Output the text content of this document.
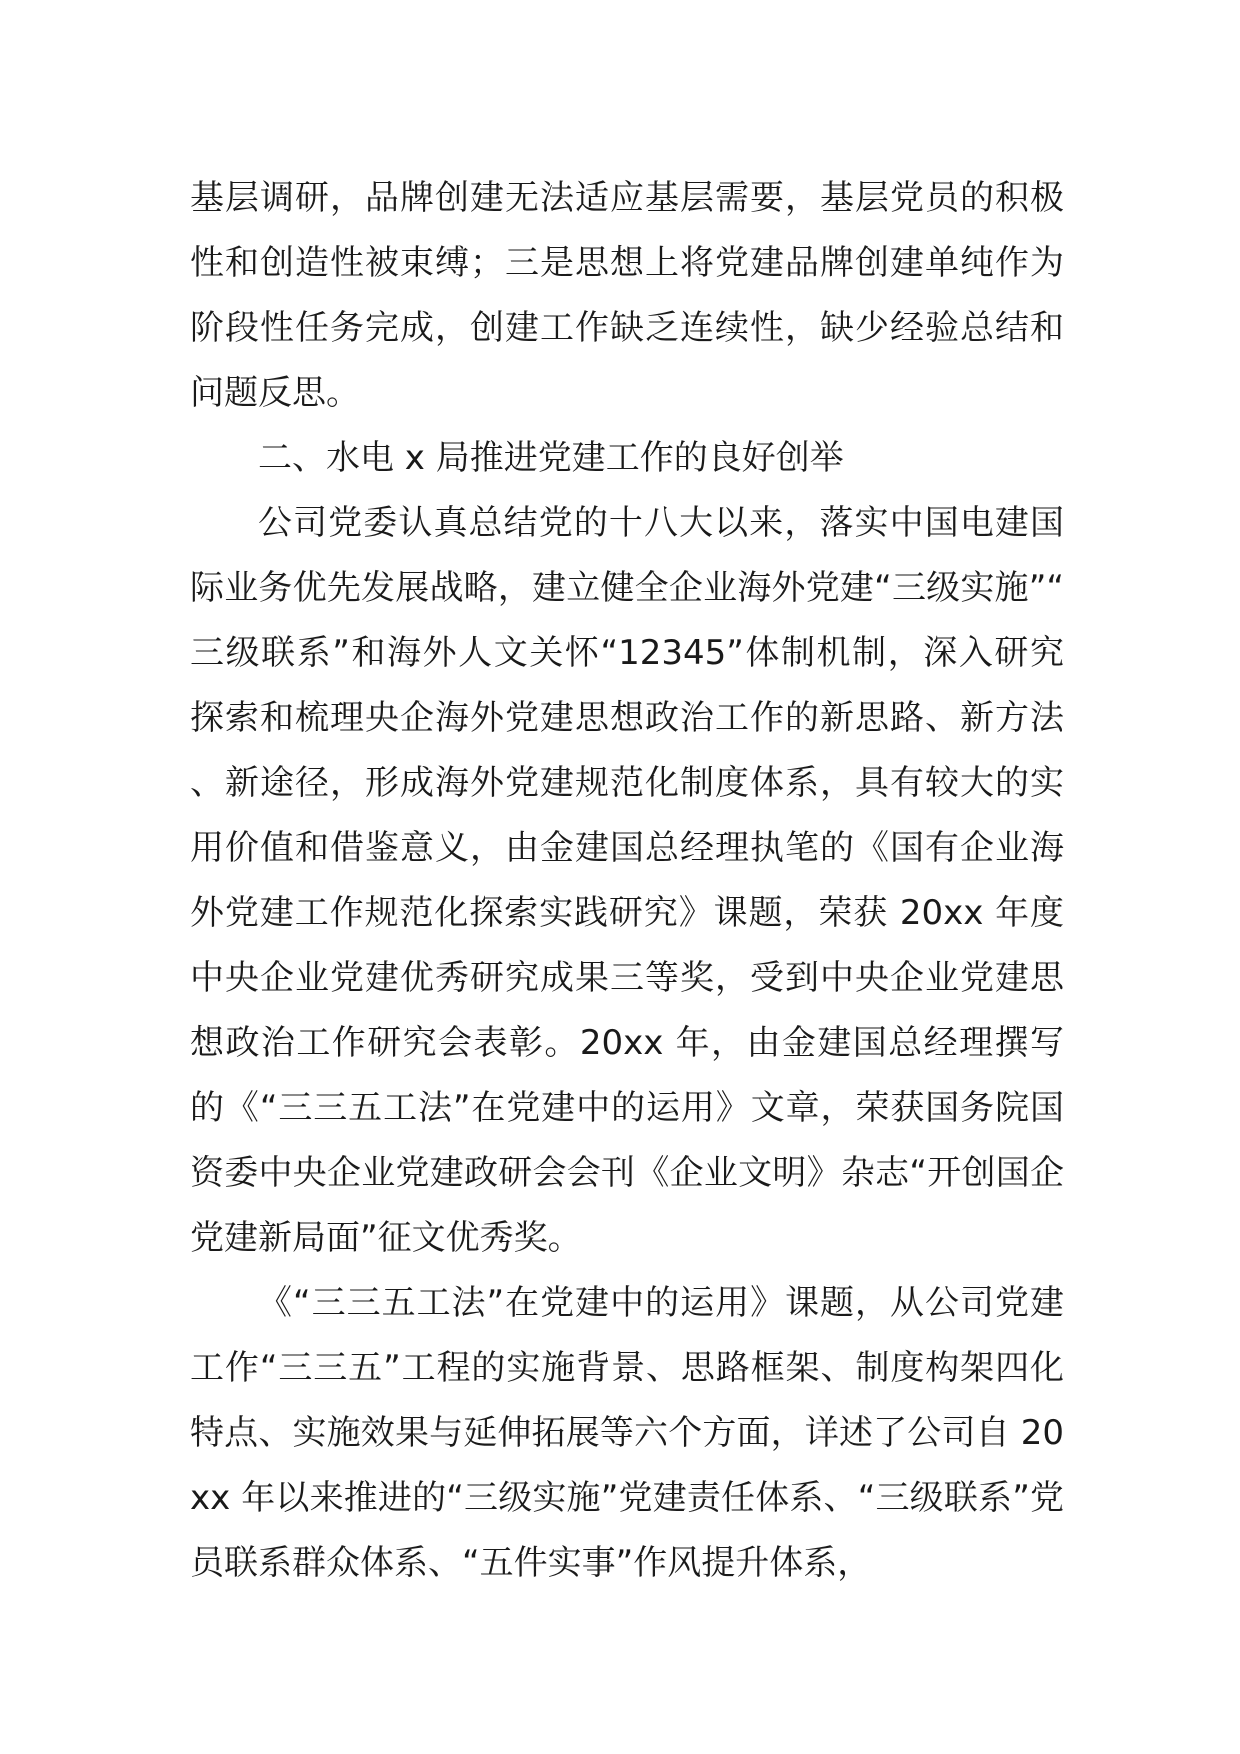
基层调研，品牌创建无法适应基层需要，基层党员的积极性和创造性被束缚；三是思想上将党建品牌创建单纯作为阶段性任务完成，创建工作缺乏连续性，缺少经验总结和问题反思。

二、水电 x 局推进党建工作的良好创举

公司党委认真总结党的十八大以来，落实中国电建国际业务优先发展战略，建立健全企业海外党建“三级实施”“三级联系”和海外人文关怀“12345”体制机制，深入研究探索和梳理央企海外党建思想政治工作的新思路、新方法、新途径，形成海外党建规范化制度体系，具有较大的实用价值和借鉴意义，由金建国总经理执笔的《国有企业海外党建工作规范化探索实践研究》课题，荣获 20xx 年度中央企业党建优秀研究成果三等奖，受到中央企业党建思想政治工作研究会表彰。20xx 年，由金建国总经理撰写的《“三三五工法”在党建中的运用》文章，荣获国务院国资委中央企业党建政研会会刊《企业文明》杂志“开创国企党建新局面”征文优秀奖。

《“三三五工法”在党建中的运用》课题，从公司党建工作“三三五”工程的实施背景、思路框架、制度构架四化特点、实施效果与延伸拓展等六个方面，详述了公司自 20xx 年以来推进的“三级实施”党建责任体系、“三级联系”党员联系群众体系、“五件实事”作风提升体系，
